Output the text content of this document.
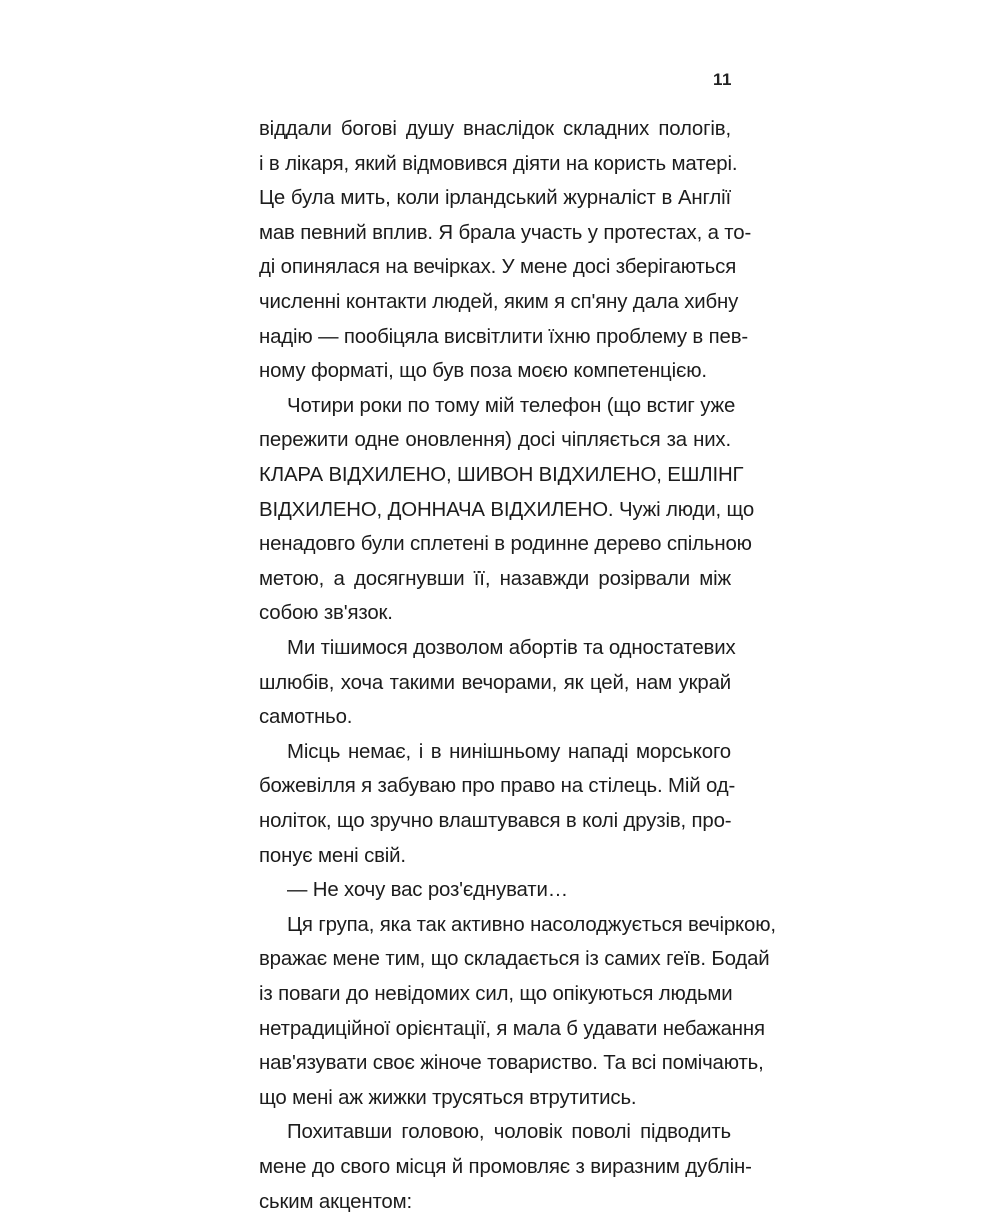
11
віддали богові душу внаслідок складних пологів,
і в лікаря, який відмовився діяти на користь матері.
Це була мить, коли ірландський журналіст в Англії
мав певний вплив. Я брала участь у протестах, а то-
ді опинялася на вечірках. У мене досі зберігаються
численні контакти людей, яким я сп'яну дала хибну
надію — пообіцяла висвітлити їхню проблему в пев-
ному форматі, що був поза моєю компетенцією.
Чотири роки по тому мій телефон (що встиг уже
пережити одне оновлення) досі чіпляється за них.
КЛАРА ВІДХИЛЕНО, ШИВОН ВІДХИЛЕНО, ЕШЛІНГ
ВІДХИЛЕНО, ДОННАЧА ВІДХИЛЕНО. Чужі люди, що
ненадовго були сплетені в родинне дерево спільною
метою, а досягнувши її, назавжди розірвали між
собою зв'язок.
Ми тішимося дозволом абортів та одностатевих
шлюбів, хоча такими вечорами, як цей, нам украй
самотньо.
Місць немає, і в нинішньому нападі морського
божевілля я забуваю про право на стілець. Мій од-
ноліток, що зручно влаштувався в колі друзів, про-
понує мені свій.
— Не хочу вас роз'єднувати…
Ця група, яка так активно насолоджується вечіркою,
вражає мене тим, що складається із самих геїв. Бодай
із поваги до невідомих сил, що опікуються людьми
нетрадиційної орієнтації, я мала б удавати небажання
нав'язувати своє жіноче товариство. Та всі помічають,
що мені аж жижки трусяться втрутитись.
Похитавши головою, чоловік поволі підводить
мене до свого місця й промовляє з виразним дублін-
ським акцентом:
